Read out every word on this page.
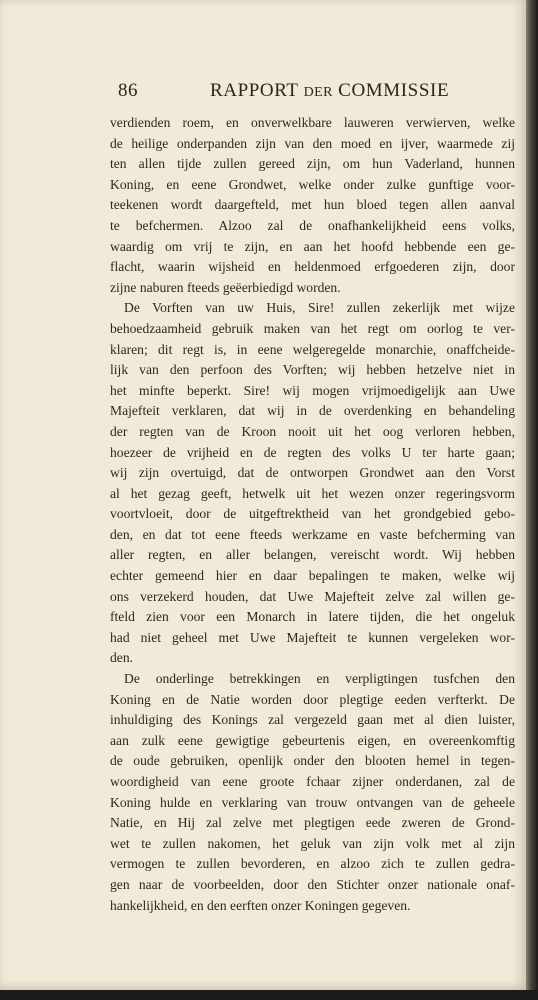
86	RAPPORT DER COMMISSIE
verdienden roem, en onverwelkbare lauweren verwierven, welke
de heilige onderpanden zijn van den moed en ijver, waarmede zij
ten allen tijde zullen gereed zijn, om hun Vaderland, hunnen
Koning, en eene Grondwet, welke onder zulke gunftige voor-
teekenen wordt daargefteld, met hun bloed tegen allen aanval
te befchermen. Alzoo zal de onafhankelijkheid eens volks,
waardig om vrij te zijn, en aan het hoofd hebbende een ge-
flacht, waarin wijsheid en heldenmoed erfgoederen zijn, door
zijne naburen fteeds geëerbiedigd worden.
De Vorften van uw Huis, Sire! zullen zekerlijk met wijze
behoedzaamheid gebruik maken van het regt om oorlog te ver-
klaren; dit regt is, in eene welgeregelde monarchie, onaffcheide-
lijk van den perfoon des Vorften; wij hebben hetzelve niet in
het minfte beperkt. Sire! wij mogen vrijmoedigelijk aan Uwe
Majefteit verklaren, dat wij in de overdenking en behandeling
der regten van de Kroon nooit uit het oog verloren hebben,
hoezeer de vrijheid en de regten des volks U ter harte gaan;
wij zijn overtuigd, dat de ontworpen Grondwet aan den Vorst
al het gezag geeft, hetwelk uit het wezen onzer regeringsvorm
voortvloeit, door de uitgeftrektheid van het grondgebied gebo-
den, en dat tot eene fteeds werkzame en vaste befcherming van
aller regten, en aller belangen, vereischt wordt. Wij hebben
echter gemeend hier en daar bepalingen te maken, welke wij
ons verzekerd houden, dat Uwe Majefteit zelve zal willen ge-
fteld zien voor een Monarch in latere tijden, die het ongeluk
had niet geheel met Uwe Majefteit te kunnen vergeleken wor-
den.
De onderlinge betrekkingen en verpligtingen tusfchen den
Koning en de Natie worden door plegtige eeden verfterkt. De
inhuldiging des Konings zal vergezeld gaan met al dien luister,
aan zulk eene gewigtige gebeurtenis eigen, en overeenkomftig
de oude gebruiken, openlijk onder den blooten hemel in tegen-
woordigheid van eene groote fchaar zijner onderdanen, zal de
Koning hulde en verklaring van trouw ontvangen van de geheele
Natie, en Hij zal zelve met plegtigen eede zweren de Grond-
wet te zullen nakomen, het geluk van zijn volk met al zijn
vermogen te zullen bevorderen, en alzoo zich te zullen gedra-
gen naar de voorbeelden, door den Stichter onzer nationale onaf-
hankelijkheid, en den eerften onzer Koningen gegeven.
